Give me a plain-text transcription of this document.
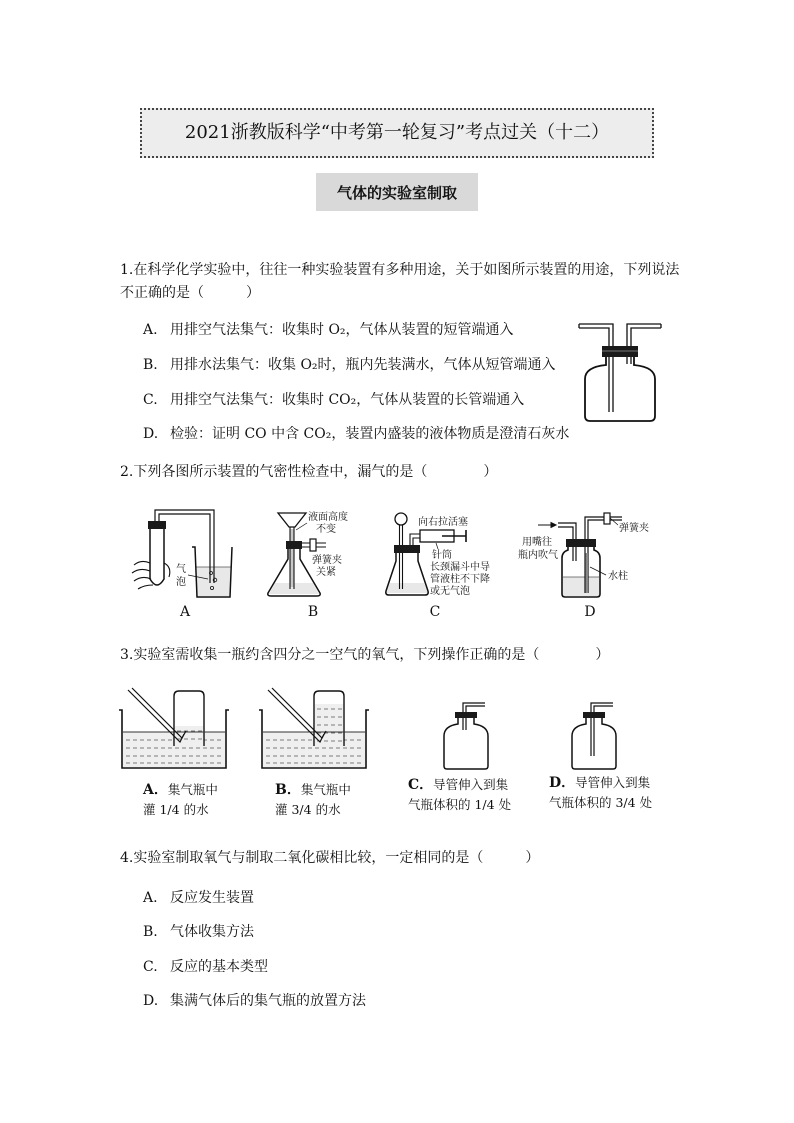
2021浙教版科学“中考第一轮复习”考点过关（十二）
气体的实验室制取
1.在科学化学实验中，往往一种实验装置有多种用途，关于如图所示装置的用途，下列说法
不正确的是（　　　）
A. 用排空气法集气：收集时 O₂，气体从装置的短管端通入
B. 用排水法集气：收集 O₂时，瓶内先装满水，气体从短管端通入
C. 用排空气法集气：收集时 CO₂，气体从装置的长管端通入
D. 检验：证明 CO 中含 CO₂，装置内盛装的液体物质是澄清石灰水
2.下列各图所示装置的气密性检查中，漏气的是（　　　　）
气
泡
液面高度
不变
弹簧夹
关紧
向右拉活塞
针筒
长颈漏斗中导
管液柱不下降
或无气泡
弹簧夹
用嘴往
瓶内吹气
水柱
A	B	C	D
3.实验室需收集一瓶约含四分之一空气的氧气，下列操作正确的是（　　　　）
A．集气瓶中
灌 1/4 的水
B．集气瓶中
灌 3/4 的水
C．导管伸入到集
气瓶体积的 1/4 处
D．导管伸入到集
气瓶体积的 3/4 处
4.实验室制取氧气与制取二氧化碳相比较，一定相同的是（　　　）
A. 反应发生装置
B. 气体收集方法
C. 反应的基本类型
D. 集满气体后的集气瓶的放置方法
